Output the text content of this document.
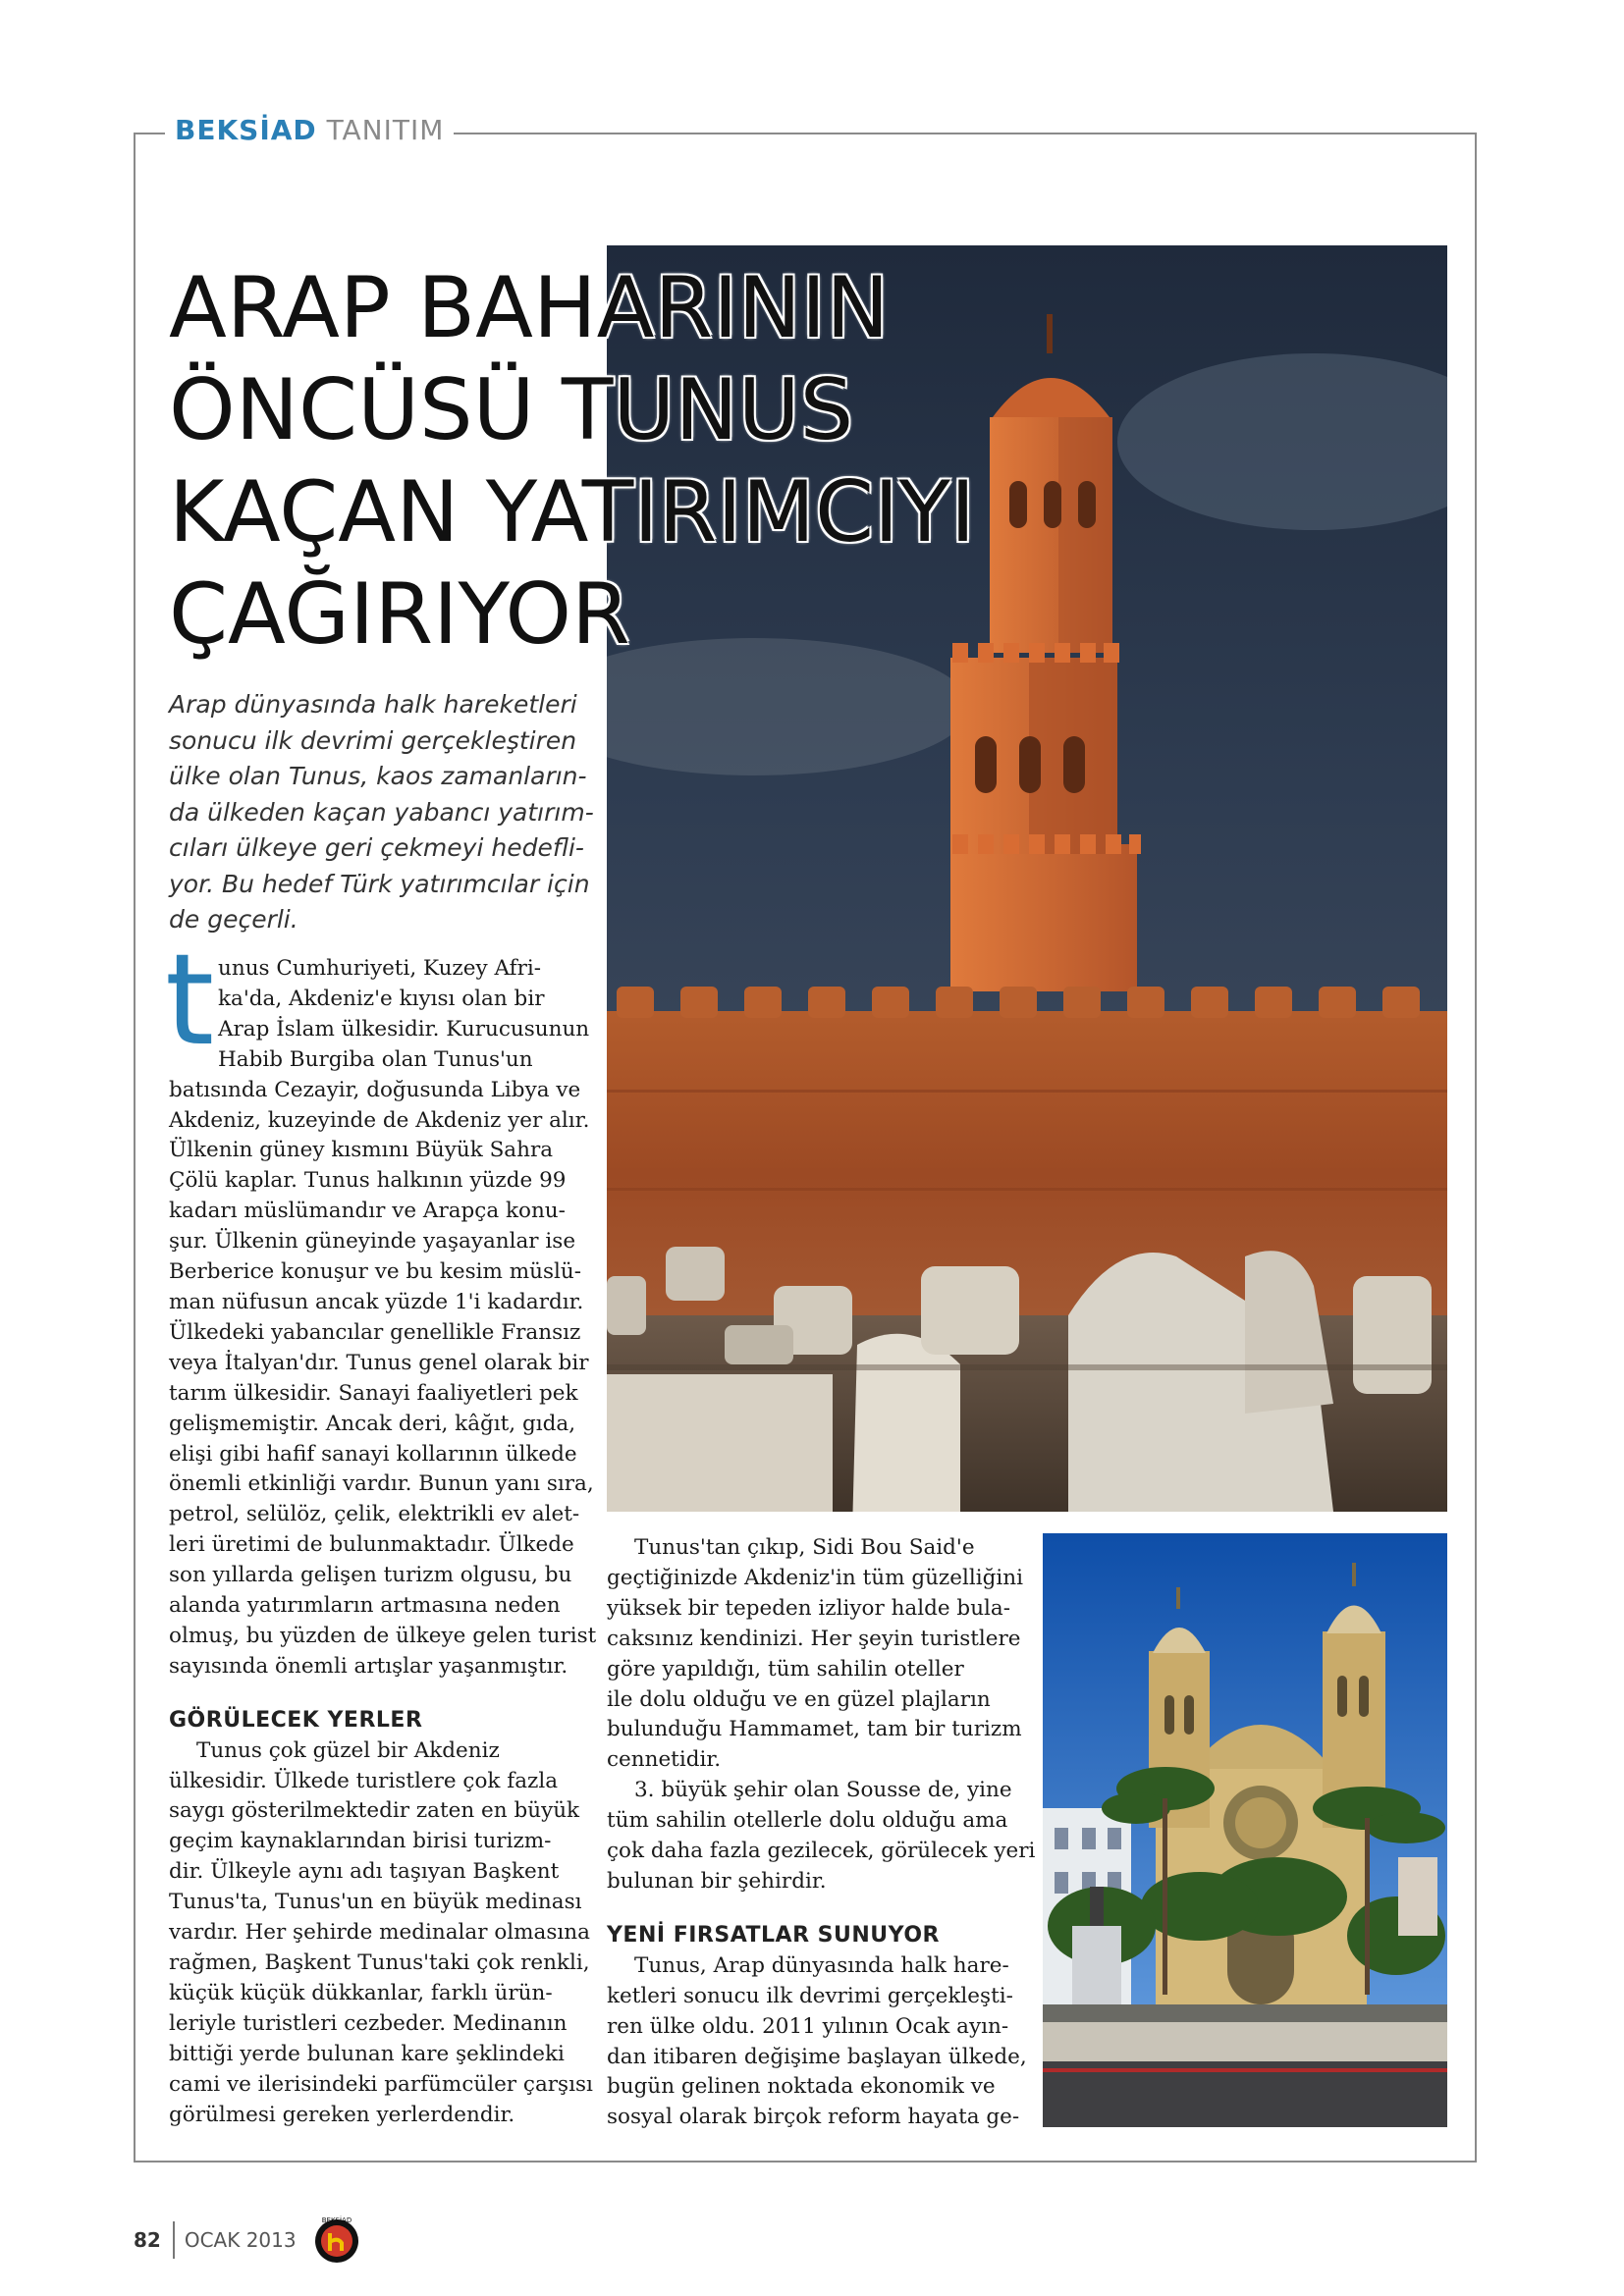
BEKSİAD TANITIM
ARAP BAHARININ
ÖNCÜSÜ TUNUS
KAÇAN YATIRIMCIYI
ÇAĞIRIYOR
Arap dünyasında halk hareketleri
sonucu ilk devrimi gerçekleştiren
ülke olan Tunus, kaos zamanların-
da ülkeden kaçan yabancı yatırım-
cıları ülkeye geri çekmeyi hedefli-
yor. Bu hedef Türk yatırımcılar için
de geçerli.
t unus Cumhuriyeti, Kuzey Afri-
ka'da, Akdeniz'e kıyısı olan bir
Arap İslam ülkesidir. Kurucusunun
Habib Burgiba olan Tunus'un
batısında Cezayir, doğusunda Libya ve
Akdeniz, kuzeyinde de Akdeniz yer alır.
Ülkenin güney kısmını Büyük Sahra
Çölü kaplar. Tunus halkının yüzde 99
kadarı müslümandır ve Arapça konu-
şur. Ülkenin güneyinde yaşayanlar ise
Berberice konuşur ve bu kesim müslü-
man nüfusun ancak yüzde 1'i kadardır.
Ülkedeki yabancılar genellikle Fransız
veya İtalyan'dır. Tunus genel olarak bir
tarım ülkesidir. Sanayi faaliyetleri pek
gelişmemiştir. Ancak deri, kâğıt, gıda,
elişi gibi hafif sanayi kollarının ülkede
önemli etkinliği vardır. Bunun yanı sıra,
petrol, selülöz, çelik, elektrikli ev alet-
leri üretimi de bulunmaktadır. Ülkede
son yıllarda gelişen turizm olgusu, bu
alanda yatırımların artmasına neden
olmuş, bu yüzden de ülkeye gelen turist
sayısında önemli artışlar yaşanmıştır.
GÖRÜLECEK YERLER
Tunus çok güzel bir Akdeniz
ülkesidir. Ülkede turistlere çok fazla
saygı gösterilmektedir zaten en büyük
geçim kaynaklarından birisi turizm-
dir. Ülkeyle aynı adı taşıyan Başkent
Tunus'ta, Tunus'un en büyük medinası
vardır. Her şehirde medinalar olmasına
rağmen, Başkent Tunus'taki çok renkli,
küçük küçük dükkanlar, farklı ürün-
leriyle turistleri cezbeder. Medinanın
bittiği yerde bulunan kare şeklindeki
cami ve ilerisindeki parfümcüler çarşısı
görülmesi gereken yerlerdendir.
Tunus'tan çıkıp, Sidi Bou Said'e
geçtiğinizde Akdeniz'in tüm güzelliğini
yüksek bir tepeden izliyor halde bula-
caksınız kendinizi. Her şeyin turistlere
göre yapıldığı, tüm sahilin oteller
ile dolu olduğu ve en güzel plajların
bulunduğu Hammamet, tam bir turizm
cennetidir.
3. büyük şehir olan Sousse de, yine
tüm sahilin otellerle dolu olduğu ama
çok daha fazla gezilecek, görülecek yeri
bulunan bir şehirdir.
YENİ FIRSATLAR SUNUYOR
Tunus, Arap dünyasında halk hare-
ketleri sonucu ilk devrimi gerçekleşti-
ren ülke oldu. 2011 yılının Ocak ayın-
dan itibaren değişime başlayan ülkede,
bugün gelinen noktada ekonomik ve
sosyal olarak birçok reform hayata ge-
82 OCAK 2013
BEKSİAD
